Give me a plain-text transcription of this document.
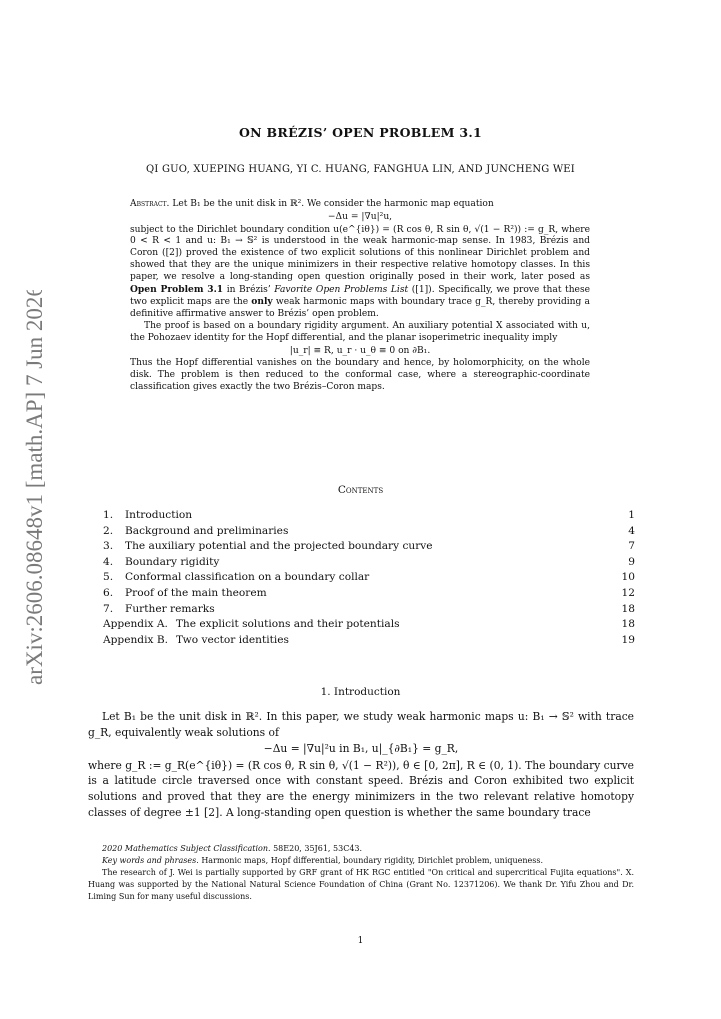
arXiv:2606.08648v1 [math.AP] 7 Jun 2026
ON BRÉZIS’ OPEN PROBLEM 3.1
QI GUO, XUEPING HUANG, YI C. HUANG, FANGHUA LIN, AND JUNCHENG WEI

Abstract. Let B₁ be the unit disk in ℝ². We consider the harmonic map equation

−Δu = |∇u|²u,

subject to the Dirichlet boundary condition u(e^{iθ}) = (R cos θ, R sin θ, √(1 − R²)) := g_R, where 0 < R < 1 and u: B₁ → 𝕊² is understood in the weak harmonic-map sense. In 1983, Brézis and Coron ([2]) proved the existence of two explicit solutions of this nonlinear Dirichlet problem and showed that they are the unique minimizers in their respective relative homotopy classes. In this paper, we resolve a long-standing open question originally posed in their work, later posed as Open Problem 3.1 in Brézis’ Favorite Open Problems List ([1]). Specifically, we prove that these two explicit maps are the only weak harmonic maps with boundary trace g_R, thereby providing a definitive affirmative answer to Brézis’ open problem.

The proof is based on a boundary rigidity argument. An auxiliary potential X associated with u, the Pohozaev identity for the Hopf differential, and the planar isoperimetric inequality imply

|u_r| ≡ R, u_r · u_θ ≡ 0 on ∂B₁.

Thus the Hopf differential vanishes on the boundary and hence, by holomorphicity, on the whole disk. The problem is then reduced to the conformal case, where a stereographic-coordinate classification gives exactly the two Brézis–Coron maps.

Contents
1. Introduction	1
2. Background and preliminaries	4
3. The auxiliary potential and the projected boundary curve	7
4. Boundary rigidity	9
5. Conformal classification on a boundary collar	10
6. Proof of the main theorem	12
7. Further remarks	18
Appendix A. The explicit solutions and their potentials	18
Appendix B. Two vector identities	19
1. Introduction

Let B₁ be the unit disk in ℝ². In this paper, we study weak harmonic maps u: B₁ → 𝕊² with trace g_R, equivalently weak solutions of

−Δu = |∇u|²u in B₁, u|_{∂B₁} = g_R,

where g_R := g_R(e^{iθ}) = (R cos θ, R sin θ, √(1 − R²)), θ ∈ [0, 2π], R ∈ (0, 1). The boundary curve is a latitude circle traversed once with constant speed. Brézis and Coron exhibited two explicit solutions and proved that they are the energy minimizers in the two relevant relative homotopy classes of degree ±1 [2]. A long-standing open question is whether the same boundary trace

2020 Mathematics Subject Classification. 58E20, 35J61, 53C43.

Key words and phrases. Harmonic maps, Hopf differential, boundary rigidity, Dirichlet problem, uniqueness.

The research of J. Wei is partially supported by GRF grant of HK RGC entitled "On critical and supercritical Fujita equations". X. Huang was supported by the National Natural Science Foundation of China (Grant No. 12371206). We thank Dr. Yifu Zhou and Dr. Liming Sun for many useful discussions.

1
